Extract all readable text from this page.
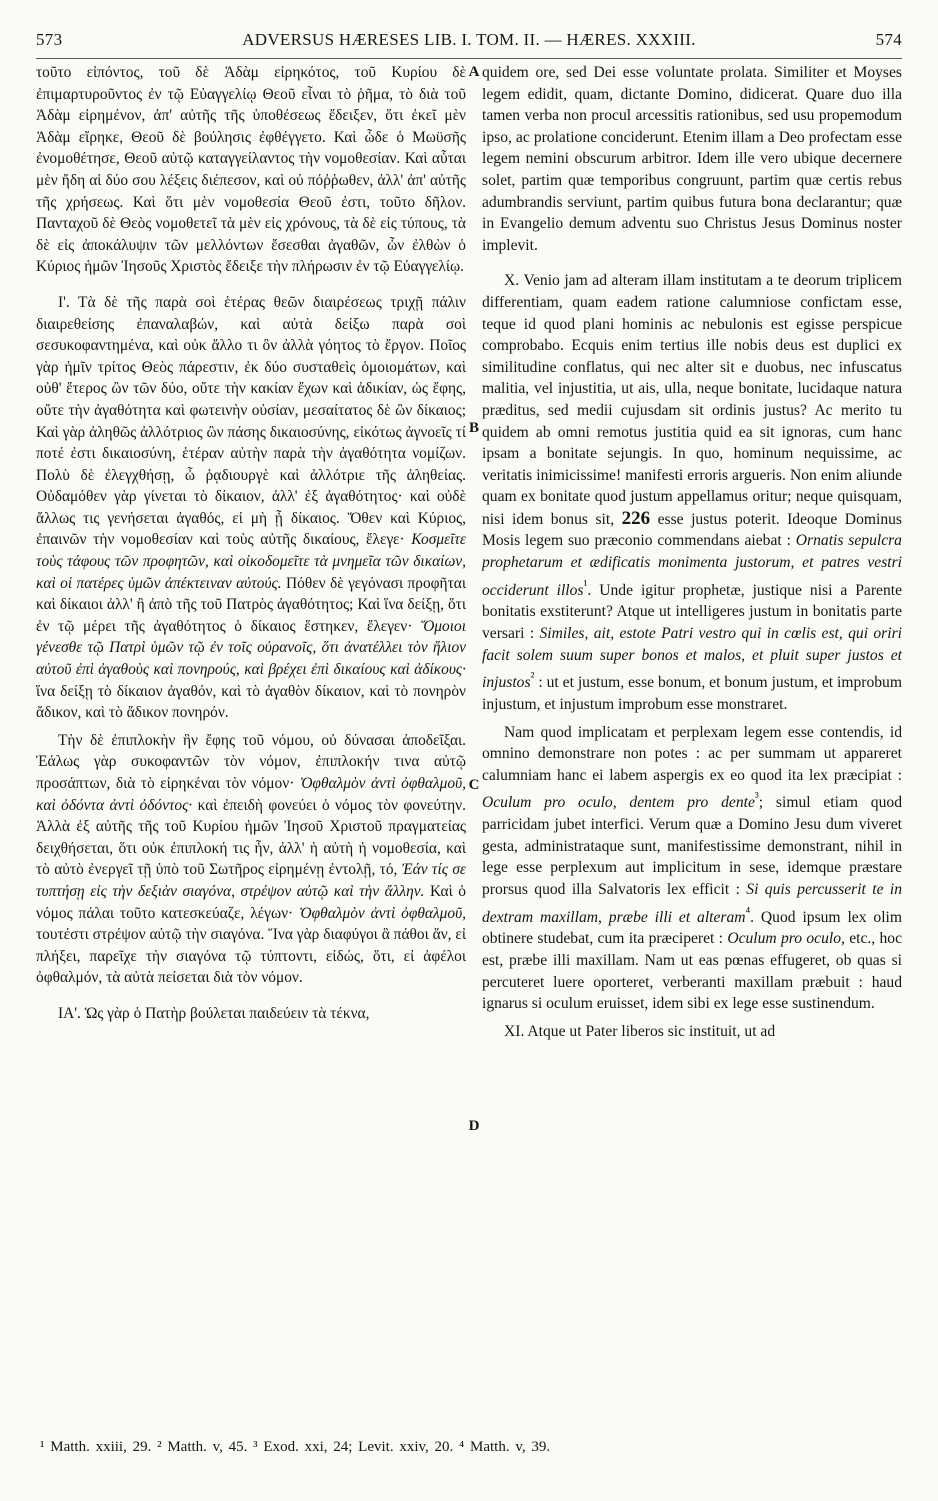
573	ADVERSUS HÆRESES LIB. I. TOM. II. — HÆRES. XXXIII.	574

τοῦτο εἰπόντος, τοῦ δὲ Ἀδὰμ εἰρηκότος, τοῦ Κυρίου δὲ ἐπιμαρτυροῦντος ἐν τῷ Εὐαγγελίῳ Θεοῦ εἶναι τὸ ῥῆμα, τὸ διὰ τοῦ Ἀδὰμ εἰρημένον, ἀπ' αὐτῆς τῆς ὑποθέσεως ἔδειξεν, ὅτι ἐκεῖ μὲν Ἀδὰμ εἴρηκε, Θεοῦ δὲ βούλησις ἐφθέγγετο. Καὶ ὧδε ὁ Μωϋσῆς ἐνομοθέτησε, Θεοῦ αὐτῷ καταγγείλαντος τὴν νομοθεσίαν. Καὶ αὗται μὲν ἤδη αἱ δύο σου λέξεις διέπεσον, καὶ οὐ πόῤῥωθεν, ἀλλ' ἀπ' αὐτῆς τῆς χρήσεως. Καὶ ὅτι μὲν νομοθεσία Θεοῦ ἐστι, τοῦτο δῆλον. Πανταχοῦ δὲ Θεὸς νομοθετεῖ τὰ μὲν εἰς χρόνους, τὰ δὲ εἰς τύπους, τὰ δὲ εἰς ἀποκάλυψιν τῶν μελλόντων ἔσεσθαι ἀγαθῶν, ὧν ἐλθὼν ὁ Κύριος ἡμῶν Ἰησοῦς Χριστὸς ἔδειξε τὴν πλήρωσιν ἐν τῷ Εὐαγγελίῳ.

Ι'. Τὰ δὲ τῆς παρὰ σοὶ ἑτέρας θεῶν διαιρέσεως τριχῇ πάλιν διαιρεθείσης ἐπαναλαβών, καὶ αὐτὰ δείξω παρὰ σοὶ σεσυκοφαντημένα, καὶ οὐκ ἄλλο τι ὂν ἀλλὰ γόητος τὸ ἔργον. Ποῖος γὰρ ἡμῖν τρίτος Θεὸς πάρεστιν, ἐκ δύο συσταθεὶς ὁμοιομάτων, καὶ οὐθ' ἕτερος ὢν τῶν δύο, οὔτε τὴν κακίαν ἔχων καὶ ἀδικίαν, ὡς ἔφης, οὔτε τὴν ἀγαθότητα καὶ φωτεινὴν οὐσίαν, μεσαίτατος δὲ ὢν δίκαιος; Καὶ γὰρ ἀληθῶς ἀλλότριος ὢν πάσης δικαιοσύνης, εἰκότως ἀγνοεῖς τί ποτέ ἐστι δικαιοσύνη, ἑτέραν αὐτὴν παρὰ τὴν ἀγαθότητα νομίζων. Πολὺ δὲ ἐλεγχθήσῃ, ὦ ῥᾳδιουργὲ καὶ ἀλλότριε τῆς ἀληθείας. Οὐδαμόθεν γὰρ γίνεται τὸ δίκαιον, ἀλλ' ἐξ ἀγαθότητος· καὶ οὐδὲ ἄλλως τις γενήσεται ἀγαθός, εἰ μὴ ᾖ δίκαιος. Ὅθεν καὶ Κύριος, ἐπαινῶν τὴν νομοθεσίαν καὶ τοὺς αὐτῆς δικαίους, ἔλεγε· Κοσμεῖτε τοὺς τάφους τῶν προφητῶν, καὶ οἰκοδομεῖτε τὰ μνημεῖα τῶν δικαίων, καὶ οἱ πατέρες ὑμῶν ἀπέκτειναν αὐτούς. Πόθεν δὲ γεγόνασι προφῆται καὶ δίκαιοι ἀλλ' ἢ ἀπὸ τῆς τοῦ Πατρὸς ἀγαθότητος; Καὶ ἵνα δείξῃ, ὅτι ἐν τῷ μέρει τῆς ἀγαθότητος ὁ δίκαιος ἕστηκεν, ἔλεγεν· Ὅμοιοι γένεσθε τῷ Πατρὶ ὑμῶν τῷ ἐν τοῖς οὐρανοῖς, ὅτι ἀνατέλλει τὸν ἥλιον αὐτοῦ ἐπὶ ἀγαθοὺς καὶ πονηρούς, καὶ βρέχει ἐπὶ δικαίους καὶ ἀδίκους· ἵνα δείξῃ τὸ δίκαιον ἀγαθόν, καὶ τὸ ἀγαθὸν δίκαιον, καὶ τὸ πονηρὸν ἄδικον, καὶ τὸ ἄδικον πονηρόν.

Τὴν δὲ ἐπιπλοκὴν ἣν ἔφης τοῦ νόμου, οὐ δύνασαι ἀποδεῖξαι. Ἑάλως γὰρ συκοφαντῶν τὸν νόμον, ἐπιπλοκήν τινα αὐτῷ προσάπτων, διὰ τὸ εἰρηκέναι τὸν νόμον· Ὀφθαλμὸν ἀντὶ ὀφθαλμοῦ, καὶ ὀδόντα ἀντὶ ὀδόντος· καὶ ἐπειδὴ φονεύει ὁ νόμος τὸν φονεύτην. Ἀλλὰ ἐξ αὐτῆς τῆς τοῦ Κυρίου ἡμῶν Ἰησοῦ Χριστοῦ πραγματείας δειχθήσεται, ὅτι οὐκ ἐπιπλοκή τις ἦν, ἀλλ' ἡ αὐτὴ ἡ νομοθεσία, καὶ τὸ αὐτὸ ἐνεργεῖ τῇ ὑπὸ τοῦ Σωτῆρος εἰρημένῃ ἐντολῇ, τό, Ἐάν τίς σε τυπτήσῃ εἰς τὴν δεξιὰν σιαγόνα, στρέψον αὐτῷ καὶ τὴν ἄλλην. Καὶ ὁ νόμος πάλαι τοῦτο κατεσκεύαζε, λέγων· Ὀφθαλμὸν ἀντὶ ὀφθαλμοῦ, τουτέστι στρέψον αὐτῷ τὴν σιαγόνα. Ἵνα γὰρ διαφύγοι ἃ πάθοι ἄν, εἰ πλήξει, παρεῖχε τὴν σιαγόνα τῷ τύπτοντι, εἰδώς, ὅτι, εἰ ἀφέλοι ὀφθαλμόν, τὰ αὐτὰ πείσεται διὰ τὸν νόμον.

ΙΑ'. Ὡς γὰρ ὁ Πατὴρ βούλεται παιδεύειν τὰ τέκνα,

A
B
C
D

quidem ore, sed Dei esse voluntate prolata. Similiter et Moyses legem edidit, quam, dictante Domino, didicerat. Quare duo illa tamen verba non procul arcessitis rationibus, sed usu propemodum ipso, ac prolatione conciderunt. Etenim illam a Deo profectam esse legem nemini obscurum arbitror. Idem ille vero ubique decernere solet, partim quæ temporibus congruunt, partim quæ certis rebus adumbrandis serviunt, partim quibus futura bona declarantur; quæ in Evangelio demum adventu suo Christus Jesus Dominus noster implevit.

X. Venio jam ad alteram illam institutam a te deorum triplicem differentiam, quam eadem ratione calumniose confictam esse, teque id quod plani hominis ac nebulonis est egisse perspicue comprobabo. Ecquis enim tertius ille nobis deus est duplici ex similitudine conflatus, qui nec alter sit e duobus, nec infuscatus malitia, vel injustitia, ut ais, ulla, neque bonitate, lucidaque natura præditus, sed medii cujusdam sit ordinis justus? Ac merito tu quidem ab omni remotus justitia quid ea sit ignoras, cum hanc ipsam a bonitate sejungis. In quo, hominum nequissime, ac veritatis inimicissime! manifesti erroris argueris. Non enim aliunde quam ex bonitate quod justum appellamus oritur; neque quisquam, nisi idem bonus sit, 226 esse justus poterit. Ideoque Dominus Mosis legem suo præconio commendans aiebat : Ornatis sepulcra prophetarum et ædificatis monimenta justorum, et patres vestri occiderunt illos$^{^1}$. Unde igitur prophetæ, justique nisi a Parente bonitatis exstiterunt? Atque ut intelligeres justum in bonitatis parte versari : Similes, ait, estote Patri vestro qui in cœlis est, qui oriri facit solem suum super bonos et malos, et pluit super justos et injustos$^{^2}$ : ut et justum, esse bonum, et bonum justum, et improbum injustum, et injustum improbum esse monstraret.

Nam quod implicatam et perplexam legem esse contendis, id omnino demonstrare non potes : ac per summam ut appareret calumniam hanc ei labem aspergis ex eo quod ita lex præcipiat : Oculum pro oculo, dentem pro dente$^{^3}$; simul etiam quod parricidam jubet interfici. Verum quæ a Domino Jesu dum viveret gesta, administrataque sunt, manifestissime demonstrant, nihil in lege esse perplexum aut implicitum in sese, idemque præstare prorsus quod illa Salvatoris lex efficit : Si quis percusserit te in dextram maxillam, præbe illi et alteram$^{^4}$. Quod ipsum lex olim obtinere studebat, cum ita præciperet : Oculum pro oculo, etc., hoc est, præbe illi maxillam. Nam ut eas pœnas effugeret, ob quas si percuteret luere oporteret, verberanti maxillam præbuit : haud ignarus si oculum eruisset, idem sibi ex lege esse sustinendum.

XI. Atque ut Pater liberos sic instituit, ut ad

¹ Matth. xxiii, 29. ² Matth. v, 45. ³ Exod. xxi, 24; Levit. xxiv, 20. ⁴ Matth. v, 39.
